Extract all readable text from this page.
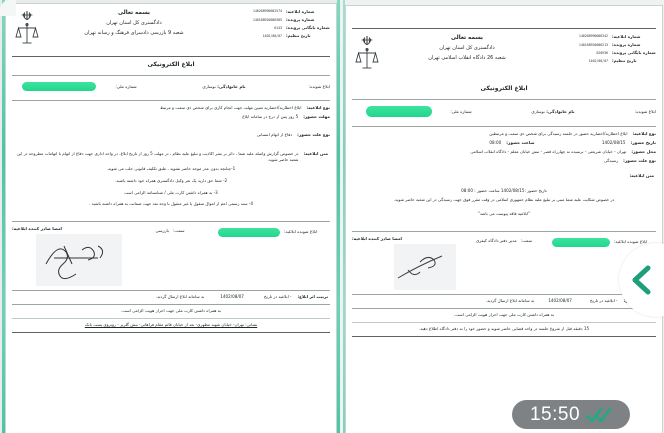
شماره ابلاغیه:
140268990002574
شماره پرونده:
140168920006385
شماره بایگانی پرونده:
6143
تاریخ تنظیم:
1402/08/07
بسمه تعالی
دادگستری کل استان تهران
شعبه 9 بازرسی دادسرای فرهنگ و رسانه تهران
ابلاغ الکترونیکی
ابلاغ شونده:
نام خانوادگی: نوسازی
شماره ملی:
نوع ابلاغیه:
ابلاغ اخطاریه/احضاریه تعیین مهلت جهت انجام کاری برای شخص ذی سمت و مرتبط
مهلت حضور:
5 روز پس از درج در سامانه ابلاغ
نوع علت حضور:
دفاع از اتهام انتسابی
متن ابلاغیه:
در خصوص گزارش واصله علیه شما ، دائر بر نشر اکاذیب و تبلیغ علیه نظام ، در مهلت 5 روز از تاریخ ابلاغ، در واحد اداری جهت دفاع از اتهام با اتهامات مطروحه در این شعبه حاضر شوید.
1-چنانچه بدون عذر موجه حاضر نشوید ، طبق تکلیف قانونی جلب می شوید.
2- شما حق دارید یک نفر وکیل دادگستری همراه خود داشته باشید.
3- به همراه داشتن کارت ملی / شناسنامه الزامی است
4- سند رسمی اعم از اموال منقول یا غیر منقول با وجه نقد جهت ضمانت به همراه داشته باشید .
ابلاغ شونده ابلاغیه:
سمت:   بازرسی
امضا صادر کننده ابلاغیه:
ترتیب اثر ابلاغ:
- ابلاغیه در تاریخ
1402/08/07
به سامانه ابلاغ ارسال گردید.
به همراه داشتن کارت ملی جهت احراز هویت الزامی است.
نشانی: تهران- خیابان شهید مطهری- بعد از خیابان قائم مقام فراهانی- نبش گلریز - روبروی پست بانک
شماره ابلاغیه:
140268990006342
شماره پرونده:
140168920006213
شماره بایگانی پرونده:
020936
تاریخ تنظیم:
1402/08/07
بسمه تعالی
دادگستری کل استان تهران
شعبه 26 دادگاه انقلاب اسلامی تهران
ابلاغ الکترونیکی
ابلاغ شونده:
نام خانوادگی: نوسازی
شماره ملی:
نوع ابلاغیه:
ابلاغ اخطاریه/احضاریه حضور در جلسه رسیدگی برای شخص ذی سمت و مرتبطین
تاریخ حضور:
1402/08/15
ساعت حضور:
08:00
محل حضور:
تهران - خیابان شریعتی - نرسیده به چهارراه قصر - نبش خیابان معلم - دادگاه انقلاب اسلامی
نوع علت حضور:
رسیدگی
متن ابلاغیه:
تاریخ حضور :1402/08/15 ساعت حضور : 08:00
در خصوص شکایت علیه شما مبنی بر تبلیغ علیه نظام جمهوری اسلامی در وقت مقرر فوق جهت رسیدگی در این شعبه حاضر شوید.
"ابلاغیه فاقد پیوست می باشد"
ابلاغ شونده ابلاغیه:
سمت:   مدیر دفتر دادگاه کیفری
امضا صادر کننده ابلاغیه:
- ابلاغیه در تاریخ
1402/08/07
به سامانه ابلاغ ارسال گردید.
به همراه داشتن کارت ملی جهت احراز هویت الزامی است.
15 دقیقه قبل از شروع جلسه در واحد قضایی حاضر شوید و حضور خود را به دفتر دادگاه اطلاع دهید.
15:50
